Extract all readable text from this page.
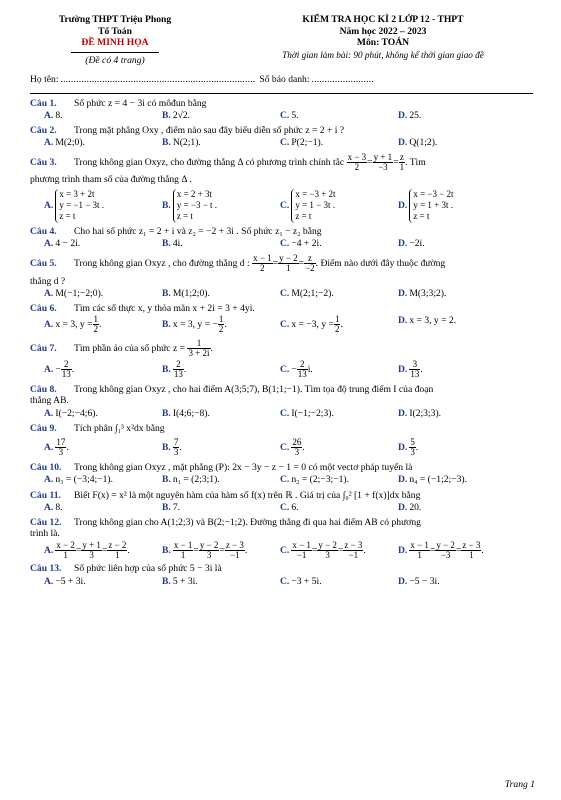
Trường THPT Triệu Phong
Tổ Toán
ĐỀ MINH HỌA
(Đề có 4 trang)
KIỂM TRA HỌC KÌ 2 LỚP 12 - THPT
Năm học 2022 – 2023
Môn: TOÁN
Thời gian làm bài: 90 phút, không kể thời gian giao đề
Họ tên: ........................................................................... Số báo danh: ........................
Câu 1. Số phức z = 4 − 3i có môđun bằng
A. 8.	B. 2√2.	C. 5.	D. 25.
Câu 2. Trong mặt phẳng Oxy , điểm nào sau đây biểu diễn số phức z = 2 + i ?
A. M(2;0).	B. N(2;1).	C. P(2;−1).	D. Q(1;2).
Câu 3. Trong không gian Oxyz, cho đường thẳng Δ có phương trình chính tắc $\frac{x - 3}{2} = \frac{y + 1}{-3} = \frac{z}{1}$ . Tìm
phương trình tham số của đường thẳng Δ .
A.
x = 3 + 2t
y = −1 − 3t .
z = t
B.
x = 2 + 3t
y = −3 − t .
z = t
C.
x = −3 + 2t
y = 1 − 3t .
z = t
D.
x = −3 − 2t
y = 1 + 3t .
z = t
Câu 4. Cho hai số phức z₁ = 2 + i và z₂ = −2 + 3i . Số phức z₁ − z₂ bằng
A. 4 − 2i.	B. 4i.	C. −4 + 2i.	D. −2i.
Câu 5. Trong không gian Oxyz , cho đường thẳng d : $\frac{x - 1}{2} = \frac{y - 2}{1} = \frac{z}{-2}$ . Điểm nào dưới đây thuộc đường
thẳng d ?
A. M(−1;−2;0).	B. M(1;2;0).	C. M(2;1;−2).	D. M(3;3;2).
Câu 6. Tìm các số thực x, y thỏa mãn x + 2i = 3 + 4yi.
A. x = 3, $y = \frac{1}{2}$ .	B. x = 3, y = − $\frac{1}{2}$ .	C. x = −3, $y = \frac{1}{2}$ .	D. x = 3, y = 2.
Câu 7. Tìm phần ảo của số phức $z = \frac{1}{3 + 2i}$ .
A. − $\frac{2}{13}$ .	B. $\frac{2}{13}$ .	C. − $\frac{2}{13} i$.	D. $\frac{3}{13}$ .
Câu 8. Trong không gian Oxyz , cho hai điểm A(3;5;7), B(1;1;−1). Tìm tọa độ trung điểm I của đoạn
thẳng AB.
A. I(−2;−4;6).	B. I(4;6;−8).	C. I(−1;−2;3).	D. I(2;3;3).
Câu 9. Tích phân ∫₁³ x²dx bằng
A. $\frac{17}{3}$ .	B. $\frac{7}{3}$ .	C. $\frac{26}{3}$ .	D. $\frac{5}{3}$ .
Câu 10. Trong không gian Oxyz , mặt phẳng (P): 2x − 3y − z − 1 = 0 có một vectơ pháp tuyến là
A. n₃ = (−3;4;−1).	B. n₁ = (2;3;1).	C. n₂ = (2;−3;−1).	D. n₄ = (−1;2;−3).
Câu 11. Biết F(x) = x² là một nguyên hàm của hàm số f(x) trên ℝ . Giá trị của ∫₀² [1 + f(x)]dx bằng
A. 8.	B. 7.	C. 6.	D. 20.
Câu 12. Trong không gian cho A(1;2;3) và B(2;−1;2). Đường thẳng đi qua hai điểm AB có phương
trình là.
A. $\frac{x - 2}{1} = \frac{y + 1}{3} = \frac{z - 2}{1}$ .	B. $\frac{x - 1}{1} = \frac{y - 2}{3} = \frac{z - 3}{-1}$ .	C. $\frac{x - 1}{-1} = \frac{y - 2}{3} = \frac{z - 3}{-1}$ .	D. $\frac{x - 1}{1} = \frac{y - 2}{-3} = \frac{z - 3}{1}$ .
Câu 13. Số phức liên hợp của số phức 5 − 3i là
A. −5 + 3i.	B. 5 + 3i.	C. −3 + 5i.	D. −5 − 3i.
Trang 1
